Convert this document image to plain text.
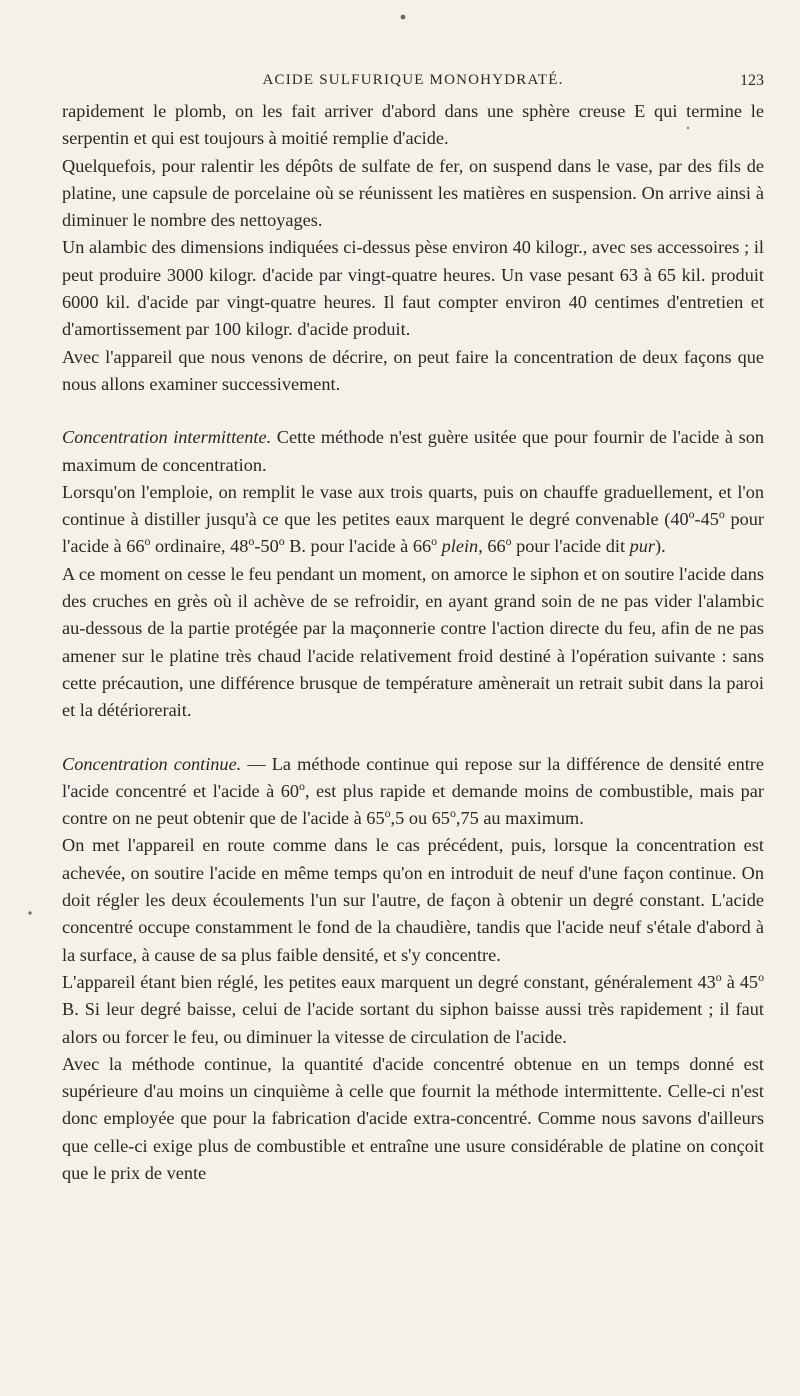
ACIDE SULFURIQUE MONOHYDRATÉ.	123

rapidement le plomb, on les fait arriver d'abord dans une sphère creuse E qui termine le serpentin et qui est toujours à moitié remplie d'acide.

Quelquefois, pour ralentir les dépôts de sulfate de fer, on suspend dans le vase, par des fils de platine, une capsule de porcelaine où se réunissent les matières en suspension. On arrive ainsi à diminuer le nombre des nettoyages.

Un alambic des dimensions indiquées ci-dessus pèse environ 40 kilogr., avec ses accessoires ; il peut produire 3000 kilogr. d'acide par vingt-quatre heures. Un vase pesant 63 à 65 kil. produit 6000 kil. d'acide par vingt-quatre heures. Il faut compter environ 40 centimes d'entretien et d'amortissement par 100 kilogr. d'acide produit.

Avec l'appareil que nous venons de décrire, on peut faire la concentration de deux façons que nous allons examiner successivement.

Concentration intermittente. Cette méthode n'est guère usitée que pour fournir de l'acide à son maximum de concentration.

Lorsqu'on l'emploie, on remplit le vase aux trois quarts, puis on chauffe graduellement, et l'on continue à distiller jusqu'à ce que les petites eaux marquent le degré convenable (40$^o$-45$^o$ pour l'acide à 66$^o$ ordinaire, 48$^o$-50$^o$ B. pour l'acide à 66$^o$ plein, 66$^o$ pour l'acide dit pur).

A ce moment on cesse le feu pendant un moment, on amorce le siphon et on soutire l'acide dans des cruches en grès où il achève de se refroidir, en ayant grand soin de ne pas vider l'alambic au-dessous de la partie protégée par la maçonnerie contre l'action directe du feu, afin de ne pas amener sur le platine très chaud l'acide relativement froid destiné à l'opération suivante : sans cette précaution, une différence brusque de température amènerait un retrait subit dans la paroi et la détériorerait.

Concentration continue. — La méthode continue qui repose sur la différence de densité entre l'acide concentré et l'acide à 60$^o$, est plus rapide et demande moins de combustible, mais par contre on ne peut obtenir que de l'acide à 65$^o$,5 ou 65$^o$,75 au maximum.

On met l'appareil en route comme dans le cas précédent, puis, lorsque la concentration est achevée, on soutire l'acide en même temps qu'on en introduit de neuf d'une façon continue. On doit régler les deux écoulements l'un sur l'autre, de façon à obtenir un degré constant. L'acide concentré occupe constamment le fond de la chaudière, tandis que l'acide neuf s'étale d'abord à la surface, à cause de sa plus faible densité, et s'y concentre.

L'appareil étant bien réglé, les petites eaux marquent un degré constant, généralement 43$^o$ à 45$^o$ B. Si leur degré baisse, celui de l'acide sortant du siphon baisse aussi très rapidement ; il faut alors ou forcer le feu, ou diminuer la vitesse de circulation de l'acide.

Avec la méthode continue, la quantité d'acide concentré obtenue en un temps donné est supérieure d'au moins un cinquième à celle que fournit la méthode intermittente. Celle-ci n'est donc employée que pour la fabrication d'acide extra-concentré. Comme nous savons d'ailleurs que celle-ci exige plus de combustible et entraîne une usure considérable de platine on conçoit que le prix de vente
